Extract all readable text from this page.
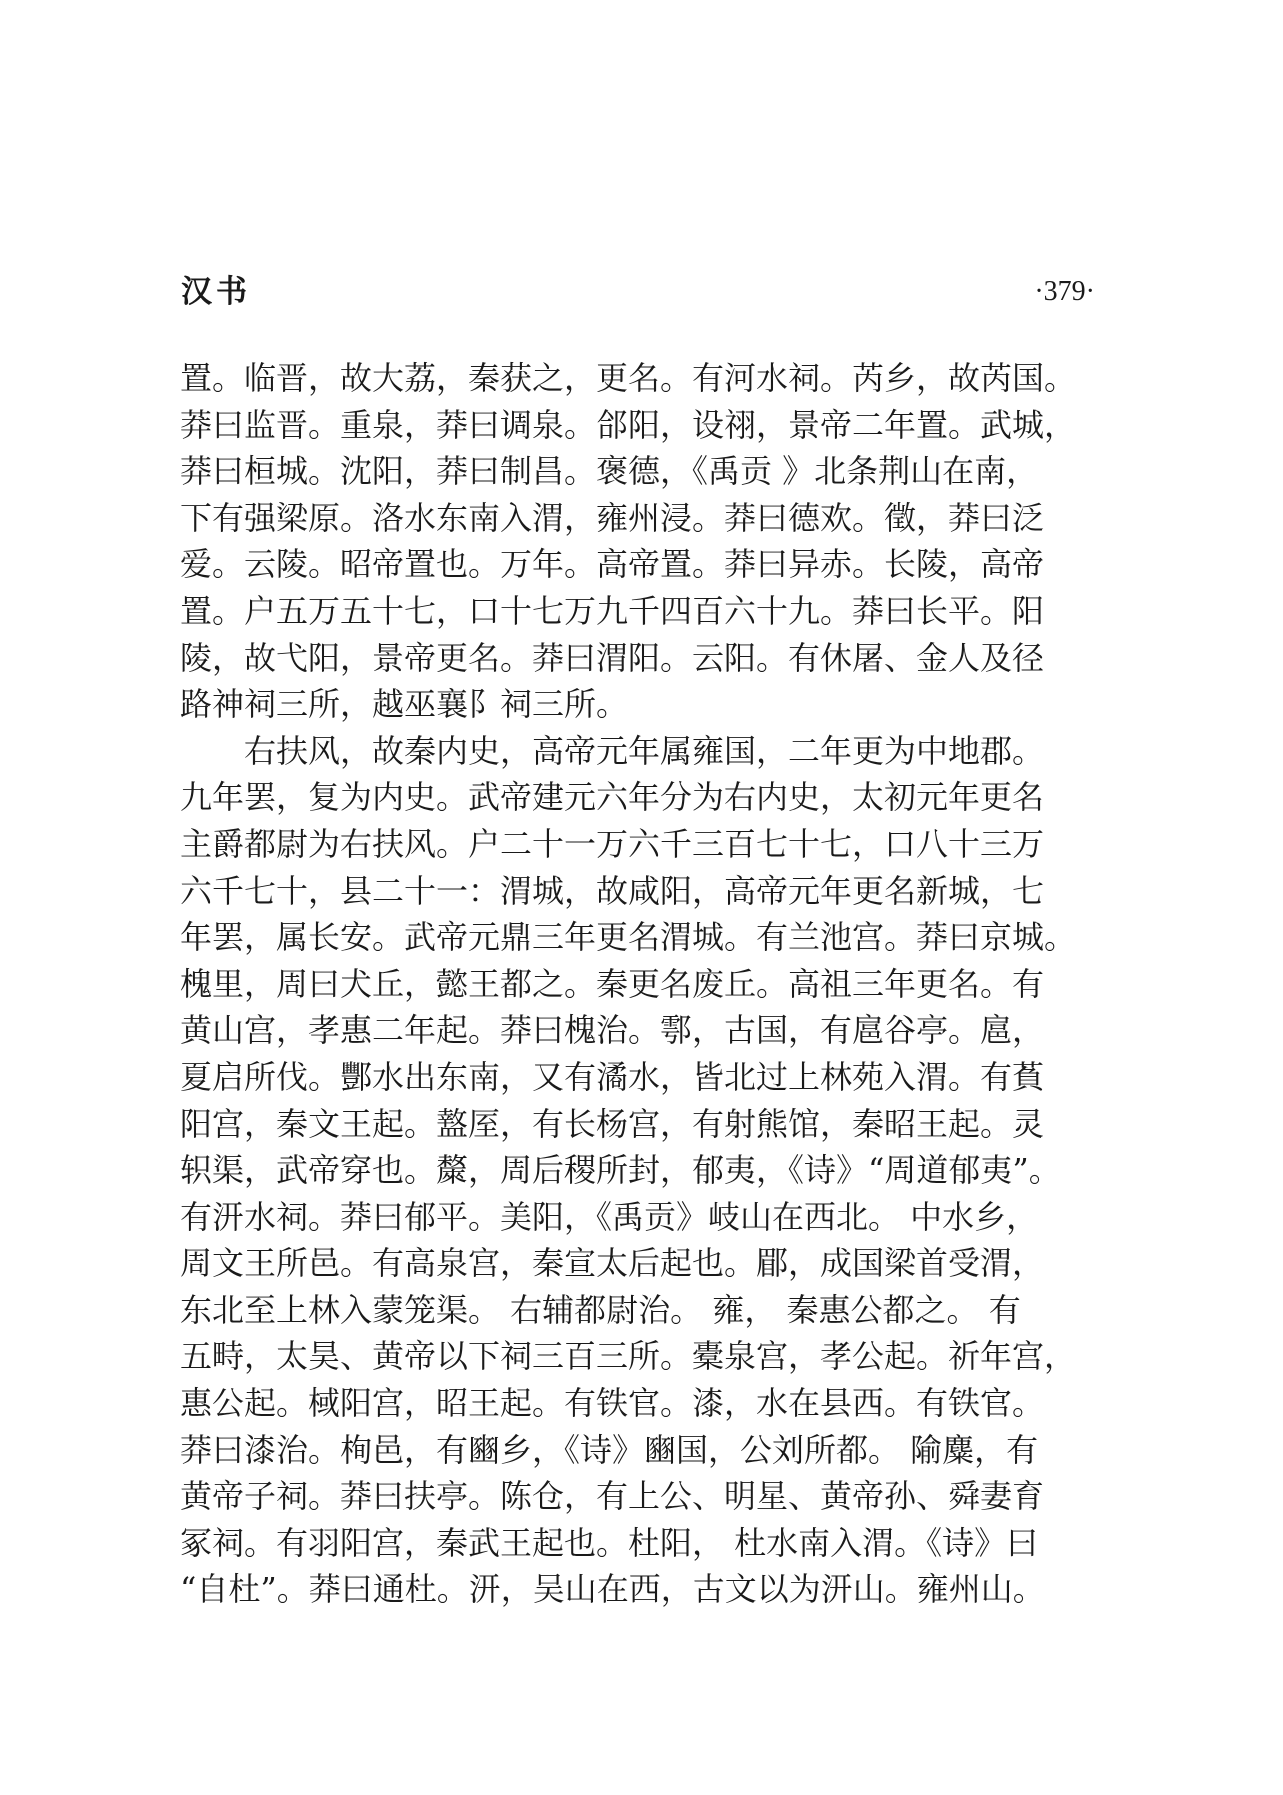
汉书	·379·
置。临晋，故大荔，秦获之，更名。有河水祠。芮乡，故芮国。
莽曰监晋。重泉，莽曰调泉。郃阳，设祤，景帝二年置。武城，
莽曰桓城。沈阳，莽曰制昌。褒德，《禹贡 》北条荆山在南，
下有强梁原。洛水东南入渭，雍州浸。莽曰德欢。徵，莽曰泛
爱。云陵。昭帝置也。万年。高帝置。莽曰异赤。长陵，高帝
置。户五万五十七，口十七万九千四百六十九。莽曰长平。阳
陵，故弋阳，景帝更名。莽曰渭阳。云阳。有休屠、金人及径
路神祠三所，越巫襄阝祠三所。
　　右扶风，故秦内史，高帝元年属雍国，二年更为中地郡。
九年罢，复为内史。武帝建元六年分为右内史，太初元年更名
主爵都尉为右扶风。户二十一万六千三百七十七，口八十三万
六千七十，县二十一：渭城，故咸阳，高帝元年更名新城，七
年罢，属长安。武帝元鼎三年更名渭城。有兰池宫。莽曰京城。
槐里，周曰犬丘，懿王都之。秦更名废丘。高祖三年更名。有
黄山宫，孝惠二年起。莽曰槐治。鄠，古国，有扈谷亭。扈，
夏启所伐。酆水出东南，又有潏水，皆北过上林苑入渭。有萯
阳宫，秦文王起。盩厔，有长杨宫，有射熊馆，秦昭王起。灵
轵渠，武帝穿也。斄，周后稷所封，郁夷，《诗》“周道郁夷”。
有汧水祠。莽曰郁平。美阳，《禹贡》岐山在西北。 中水乡，
周文王所邑。有高泉宫，秦宣太后起也。郿，成国梁首受渭，
东北至上林入蒙笼渠。 右辅都尉治。 雍， 秦惠公都之。 有
五畤，太昊、黄帝以下祠三百三所。橐泉宫，孝公起。祈年宫，
惠公起。棫阳宫，昭王起。有铁官。漆，水在县西。有铁官。
莽曰漆治。栒邑，有豳乡，《诗》豳国，公刘所都。 隃麋，有
黄帝子祠。莽曰扶亭。陈仓，有上公、明星、黄帝孙、舜妻育
冢祠。有羽阳宫，秦武王起也。杜阳， 杜水南入渭。《诗》曰
“自杜”。莽曰通杜。汧，吴山在西，古文以为汧山。雍州山。
